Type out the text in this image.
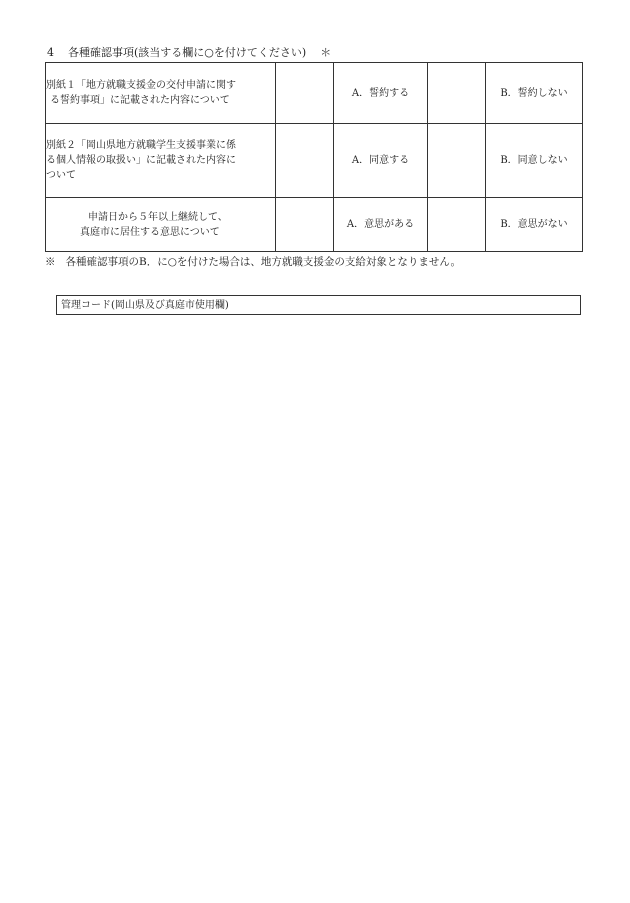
4 各種確認事項(該当する欄に○を付けてください) ＊
別紙１「地方就職支援金の交付申請に関す
る誓約事項」に記載された内容について		A．誓約する		B．誓約しない

別紙２「岡山県地方就職学生支援事業に係
る個人情報の取扱い」に記載された内容に
ついて		A．同意する		B．同意しない

申請日から５年以上継続して、
真庭市に居住する意思について		A．意思がある		B．意思がない
※ 各種確認事項のB．に○を付けた場合は、地方就職支援金の支給対象となりません。
管理コード(岡山県及び真庭市使用欄)
